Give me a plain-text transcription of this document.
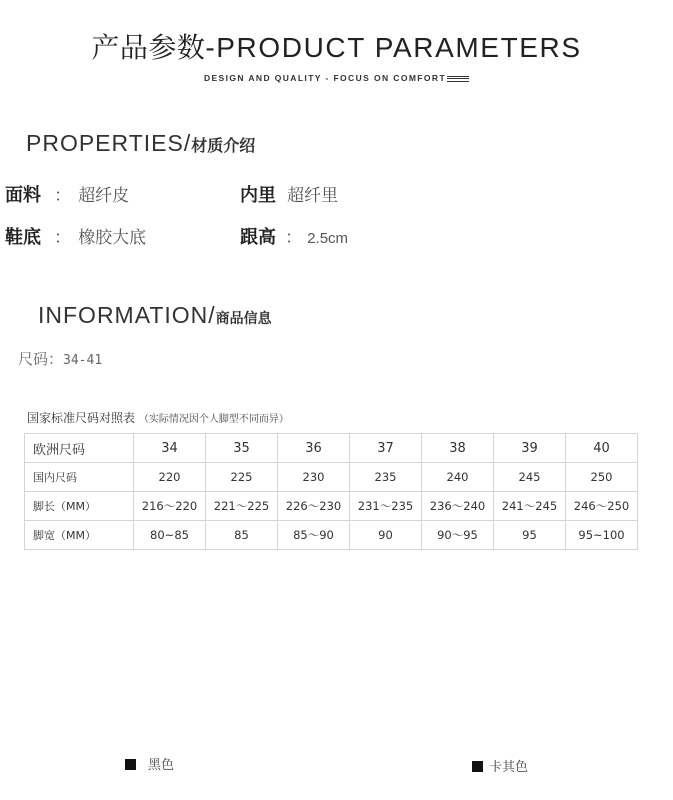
产品参数-PRODUCT PARAMETERS
DESIGN AND QUALITY - FOCUS ON COMFORT
PROPERTIES/材质介绍
面料 ： 超纤皮	内里 超纤里
鞋底 ： 橡胶大底	跟高 ： 2.5cm
INFORMATION/商品信息
尺码：34-41
国家标准尺码对照表 （实际情况因个人脚型不同而异）
欧洲尺码	34	35	36	37	38	39	40
国内尺码	220	225	230	235	240	245	250
脚长（MM）	216～220	221～225	226～230	231～235	236～240	241～245	246～250
脚宽（MM）	80~85	85	85～90	90	90～95	95	95~100
黑色	卡其色
